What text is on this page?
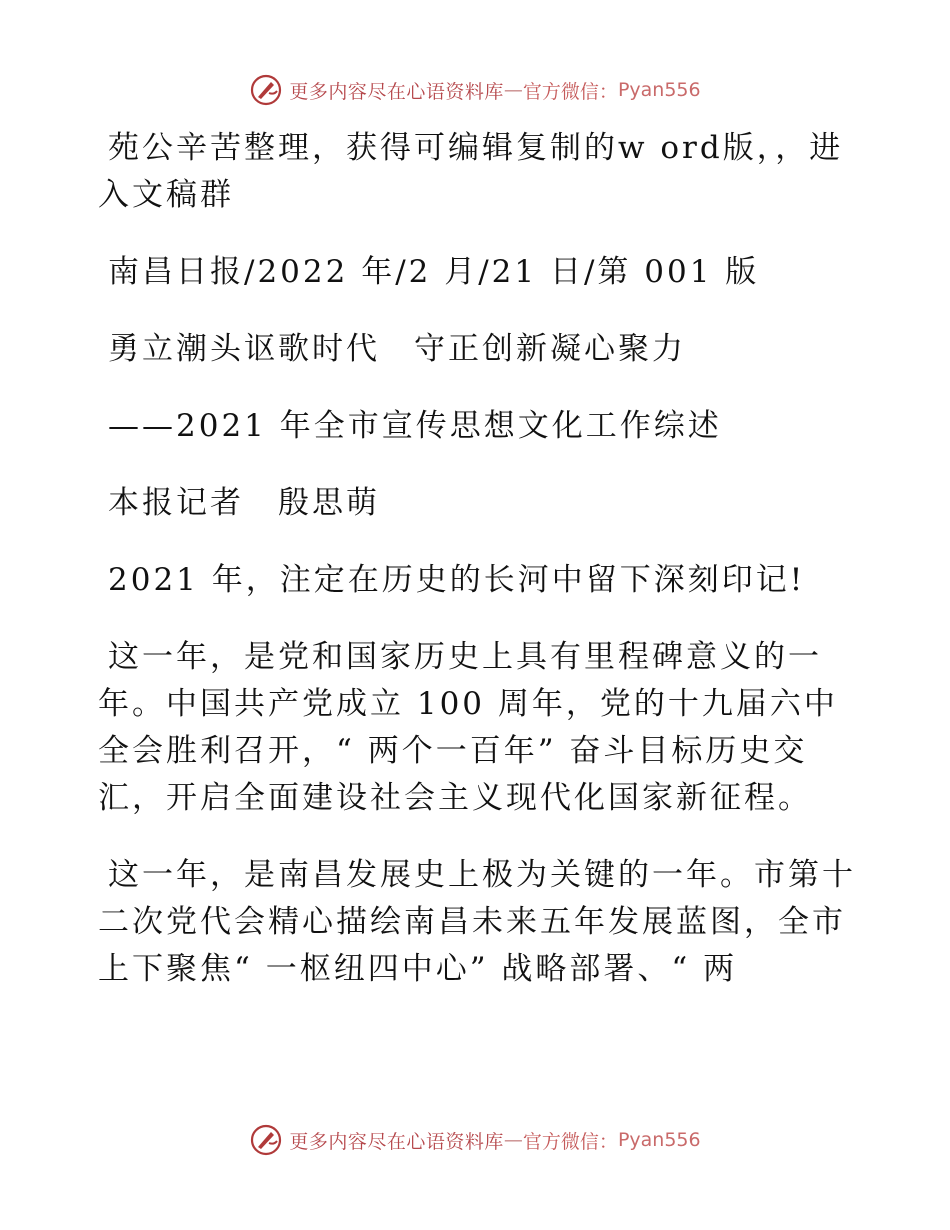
更多内容尽在心语资料库 — 官方微信： Pyan556

苑公辛苦整理，获得可编辑复制的w ord版，，进入文稿群

南昌日报/2022 年/2 月/21 日/第 001 版

勇立潮头讴歌时代　守正创新凝心聚力

——2021 年全市宣传思想文化工作综述

本报记者　殷思萌

2021 年，注定在历史的长河中留下深刻印记!

这一年，是党和国家历史上具有里程碑意义的一年。中国共产党成立 100 周年，党的十九届六中全会胜利召开，“ 两个一百年” 奋斗目标历史交汇，开启全面建设社会主义现代化国家新征程。

这一年，是南昌发展史上极为关键的一年。市第十二次党代会精心描绘南昌未来五年发展蓝图，全市上下聚焦“ 一枢纽四中心” 战略部署、“ 两

更多内容尽在心语资料库 — 官方微信： Pyan556
